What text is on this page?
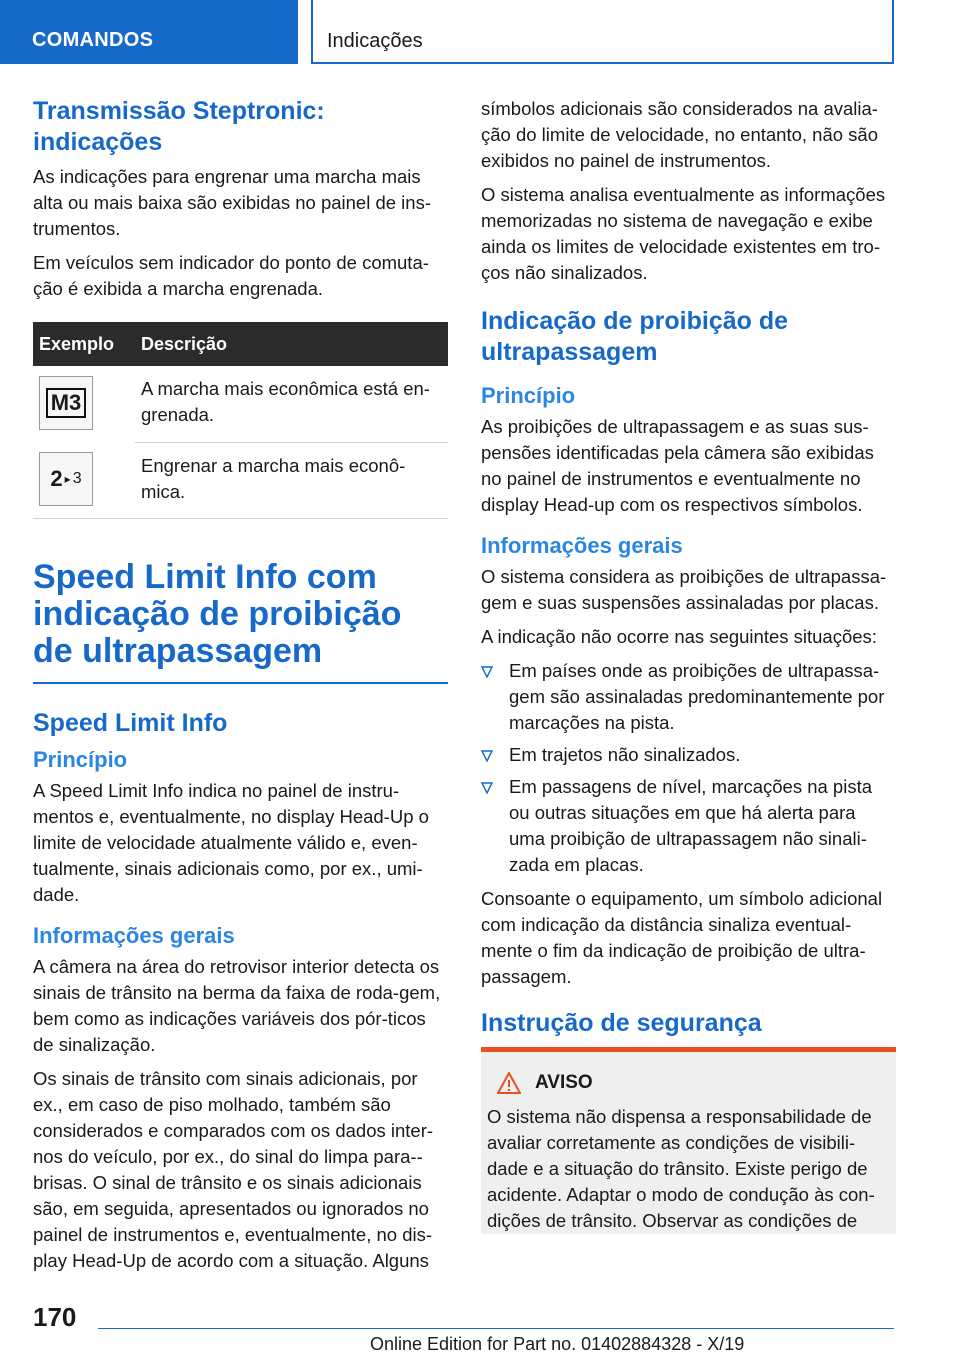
COMANDOS	Indicações
Transmissão Steptronic: indicações

As indicações para engrenar uma marcha mais alta ou mais baixa são exibidas no painel de ins-trumentos.

Em veículos sem indicador do ponto de comuta-ção é exibida a marcha engrenada.

Exemplo	Descrição

M3	A marcha mais econômica está en-grenada.

2 ▸ 3	Engrenar a marcha mais econô-mica.
Speed Limit Info com indicação de proibição de ultrapassagem
Speed Limit Info
Princípio

A Speed Limit Info indica no painel de instru-mentos e, eventualmente, no display Head-Up o limite de velocidade atualmente válido e, even-tualmente, sinais adicionais como, por ex., umi-dade.

Informações gerais

A câmera na área do retrovisor interior detecta os sinais de trânsito na berma da faixa de roda-gem, bem como as indicações variáveis dos pór-ticos de sinalização.

Os sinais de trânsito com sinais adicionais, por ex., em caso de piso molhado, também são considerados e comparados com os dados inter-nos do veículo, por ex., do sinal do limpa para--brisas. O sinal de trânsito e os sinais adicionais são, em seguida, apresentados ou ignorados no painel de instrumentos e, eventualmente, no dis-play Head-Up de acordo com a situação. Alguns

símbolos adicionais são considerados na avalia-ção do limite de velocidade, no entanto, não são exibidos no painel de instrumentos.

O sistema analisa eventualmente as informações memorizadas no sistema de navegação e exibe ainda os limites de velocidade existentes em tro-ços não sinalizados.

Indicação de proibição de ultrapassagem
Princípio

As proibições de ultrapassagem e as suas sus-pensões identificadas pela câmera são exibidas no painel de instrumentos e eventualmente no display Head-up com os respectivos símbolos.

Informações gerais

O sistema considera as proibições de ultrapassa-gem e suas suspensões assinaladas por placas.

A indicação não ocorre nas seguintes situações:

Em países onde as proibições de ultrapassa-gem são assinaladas predominantemente por marcações na pista.
Em trajetos não sinalizados.
Em passagens de nível, marcações na pista ou outras situações em que há alerta para uma proibição de ultrapassagem não sinali-zada em placas.

Consoante o equipamento, um símbolo adicional com indicação da distância sinaliza eventual-mente o fim da indicação de proibição de ultra-passagem.

Instrução de segurança
AVISO

O sistema não dispensa a responsabilidade de avaliar corretamente as condições de visibili-dade e a situação do trânsito. Existe perigo de acidente. Adaptar o modo de condução às con-dições de trânsito. Observar as condições de

170
Online Edition for Part no. 01402884328 - X/19
